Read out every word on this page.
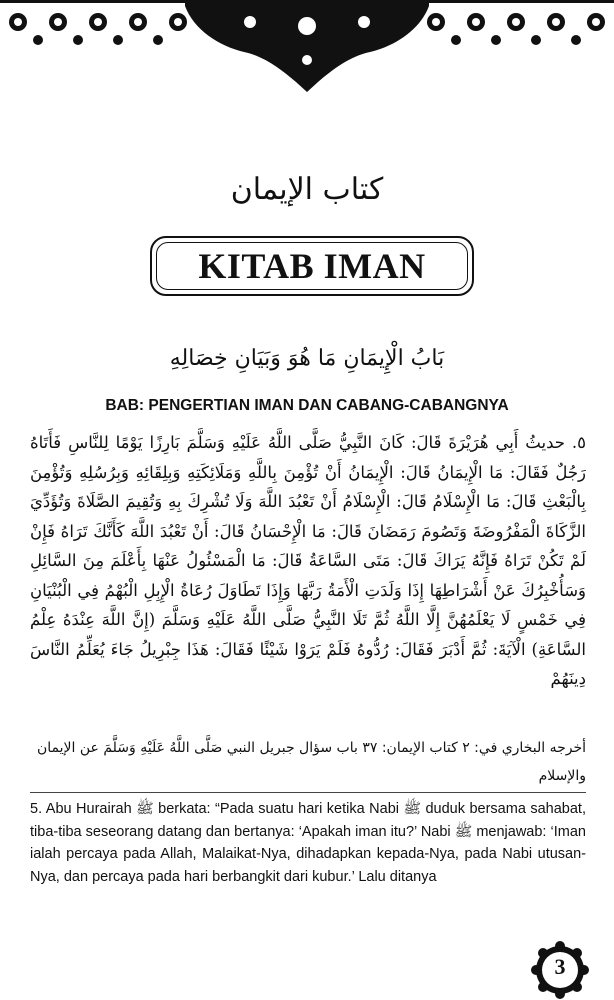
كتاب الإيمان
KITAB IMAN
بَابُ الْإِيمَانِ مَا هُوَ وَبَيَانِ خِصَالِهِ
BAB: PENGERTIAN IMAN DAN CABANG-CABANGNYA

٥. حديثُ أَبِي هُرَيْرَةَ قَالَ: كَانَ النَّبِيُّ صَلَّى اللَّهُ عَلَيْهِ وَسَلَّمَ بَارِزًا يَوْمًا لِلنَّاسِ فَأَتَاهُ رَجُلٌ فَقَالَ: مَا الْإِيمَانُ قَالَ: الْإِيمَانُ أَنْ تُؤْمِنَ بِاللَّهِ وَمَلَائِكَتِهِ وَبِلِقَائِهِ وَبِرُسُلِهِ وَتُؤْمِنَ بِالْبَعْثِ قَالَ: مَا الْإِسْلَامُ قَالَ: الْإِسْلَامُ أَنْ تَعْبُدَ اللَّهَ وَلَا تُشْرِكَ بِهِ وَتُقِيمَ الصَّلَاةَ وَتُؤَدِّيَ الزَّكَاةَ الْمَفْرُوضَةَ وَتَصُومَ رَمَضَانَ قَالَ: مَا الْإِحْسَانُ قَالَ: أَنْ تَعْبُدَ اللَّهَ كَأَنَّكَ تَرَاهُ فَإِنْ لَمْ تَكُنْ تَرَاهُ فَإِنَّهُ يَرَاكَ قَالَ: مَتَى السَّاعَةُ قَالَ: مَا الْمَسْئُولُ عَنْهَا بِأَعْلَمَ مِنَ السَّائِلِ وَسَأُخْبِرُكَ عَنْ أَشْرَاطِهَا إِذَا وَلَدَتِ الْأَمَةُ رَبَّهَا وَإِذَا تَطَاوَلَ رُعَاةُ الْإِبِلِ الْبُهْمُ فِي الْبُنْيَانِ فِي خَمْسٍ لَا يَعْلَمُهُنَّ إِلَّا اللَّهُ ثُمَّ تَلَا النَّبِيُّ صَلَّى اللَّهُ عَلَيْهِ وَسَلَّمَ (إِنَّ اللَّهَ عِنْدَهُ عِلْمُ السَّاعَةِ) الْآيَةَ: ثُمَّ أَدْبَرَ فَقَالَ: رُدُّوهُ فَلَمْ يَرَوْا شَيْئًا فَقَالَ: هَذَا جِبْرِيلُ جَاءَ يُعَلِّمُ النَّاسَ دِينَهُمْ

أخرجه البخاري في: ٢ كتاب الإيمان: ٣٧ باب سؤال جبريل النبي صَلَّى اللَّهُ عَلَيْهِ وَسَلَّمَ عن الإيمان والإسلام

5. Abu Hurairah ﷺ berkata: “Pada suatu hari ketika Nabi ﷺ duduk bersama sahabat, tiba-tiba seseorang datang dan bertanya: ‘Apakah iman itu?’ Nabi ﷺ menjawab: ‘Iman ialah percaya pada Allah, Malaikat-Nya, dihadapkan kepada-Nya, pada Nabi utusan-Nya, dan percaya pada hari berbangkit dari kubur.’ Lalu ditanya

3
